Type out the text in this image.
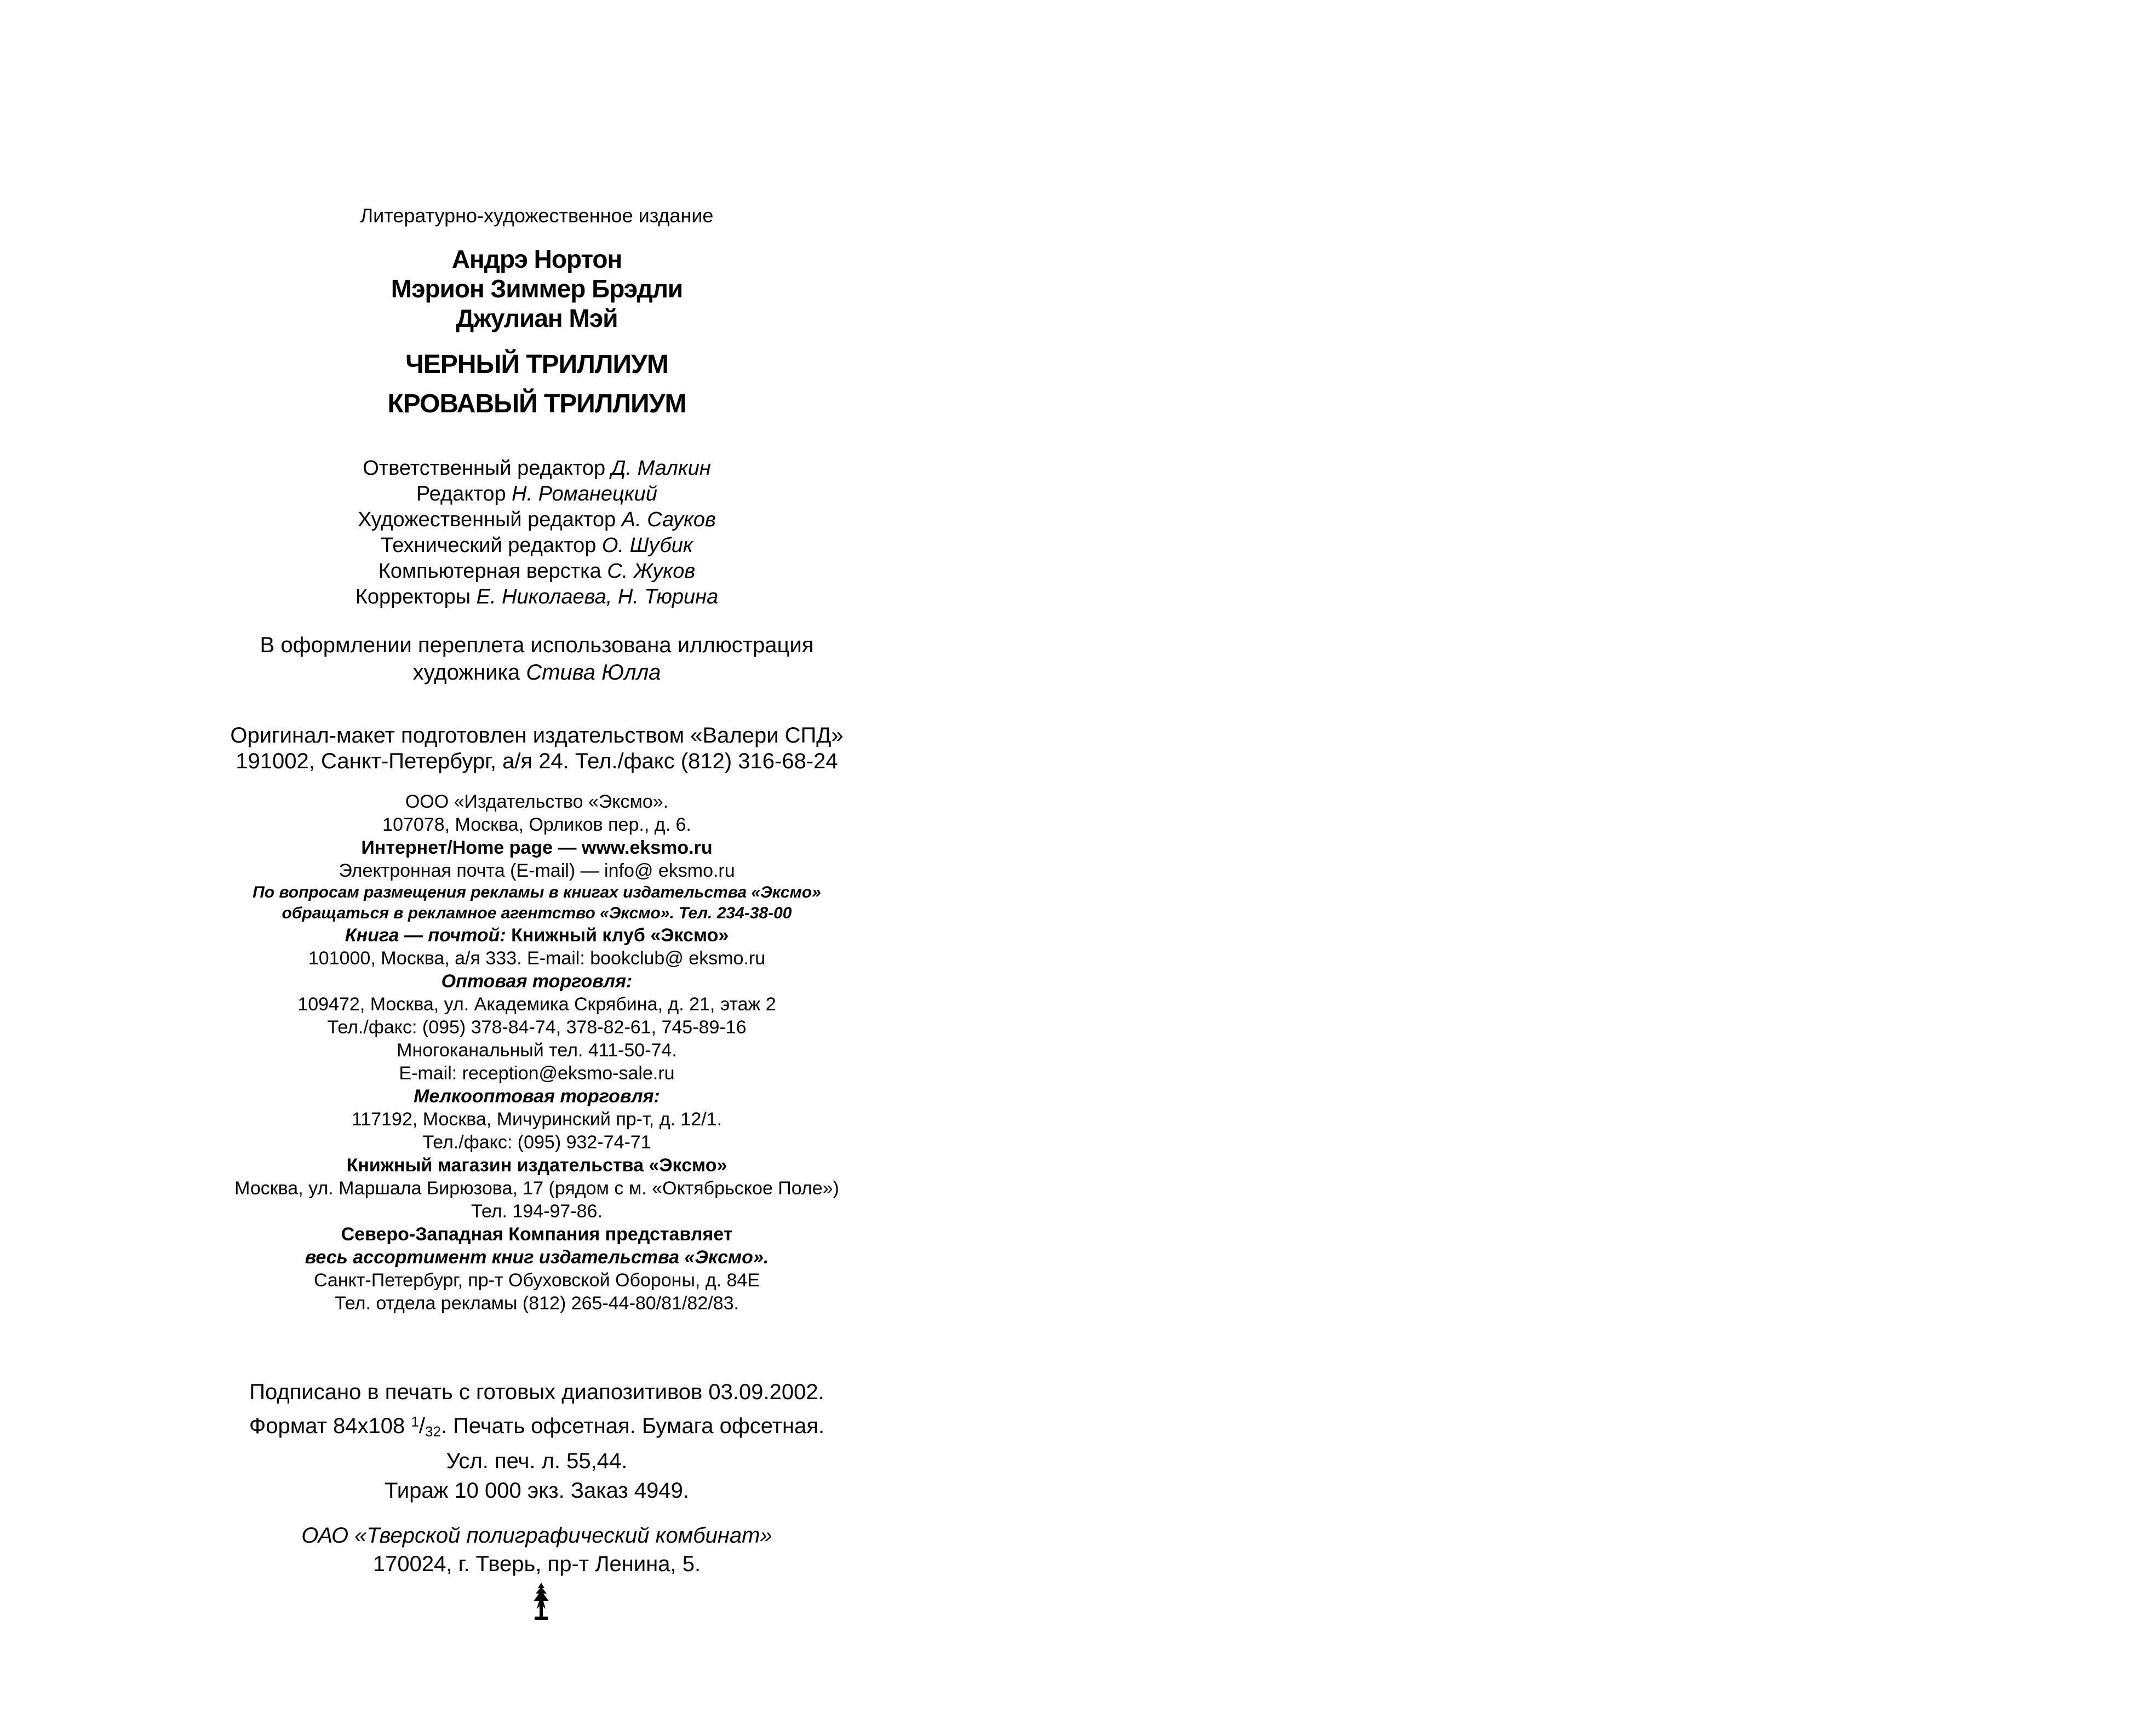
Литературно-художественное издание
Андрэ Нортон
Мэрион Зиммер Брэдли
Джулиан Мэй
ЧЕРНЫЙ ТРИЛЛИУМ
КРОВАВЫЙ ТРИЛЛИУМ
Ответственный редактор Д. Малкин
Редактор Н. Романецкий
Художественный редактор А. Сауков
Технический редактор О. Шубик
Компьютерная верстка С. Жуков
Корректоры Е. Николаева, Н. Тюрина
В оформлении переплета использована иллюстрация
художника Стива Юлла
Оригинал-макет подготовлен издательством «Валери СПД»
191002, Санкт-Петербург, а/я 24. Тел./факс (812) 316-68-24
ООО «Издательство «Эксмо».
107078, Москва, Орликов пер., д. 6.
Интернет/Home page — www.eksmo.ru
Электронная почта (E-mail) — info@ eksmo.ru
По вопросам размещения рекламы в книгах издательства «Эксмо»
обращаться в рекламное агентство «Эксмо». Тел. 234-38-00
Книга — почтой: Книжный клуб «Эксмо»
101000, Москва, а/я 333. E-mail: bookclub@ eksmo.ru
Оптовая торговля:
109472, Москва, ул. Академика Скрябина, д. 21, этаж 2
Тел./факс: (095) 378-84-74, 378-82-61, 745-89-16
Многоканальный тел. 411-50-74.
E-mail: reception@eksmo-sale.ru
Мелкооптовая торговля:
117192, Москва, Мичуринский пр-т, д. 12/1.
Тел./факс: (095) 932-74-71
Книжный магазин издательства «Эксмо»
Москва, ул. Маршала Бирюзова, 17 (рядом с м. «Октябрьское Поле»)
Тел. 194-97-86.
Северо-Западная Компания представляет
весь ассортимент книг издательства «Эксмо».
Санкт-Петербург, пр-т Обуховской Обороны, д. 84Е
Тел. отдела рекламы (812) 265-44-80/81/82/83.
Подписано в печать с готовых диапозитивов 03.09.2002.
Формат 84x108 $^1/_{32}$. Печать офсетная. Бумага офсетная.
Усл. печ. л. 55,44.
Тираж 10 000 экз. Заказ 4949.
ОАО «Тверской полиграфический комбинат»
170024, г. Тверь, пр-т Ленина, 5.
